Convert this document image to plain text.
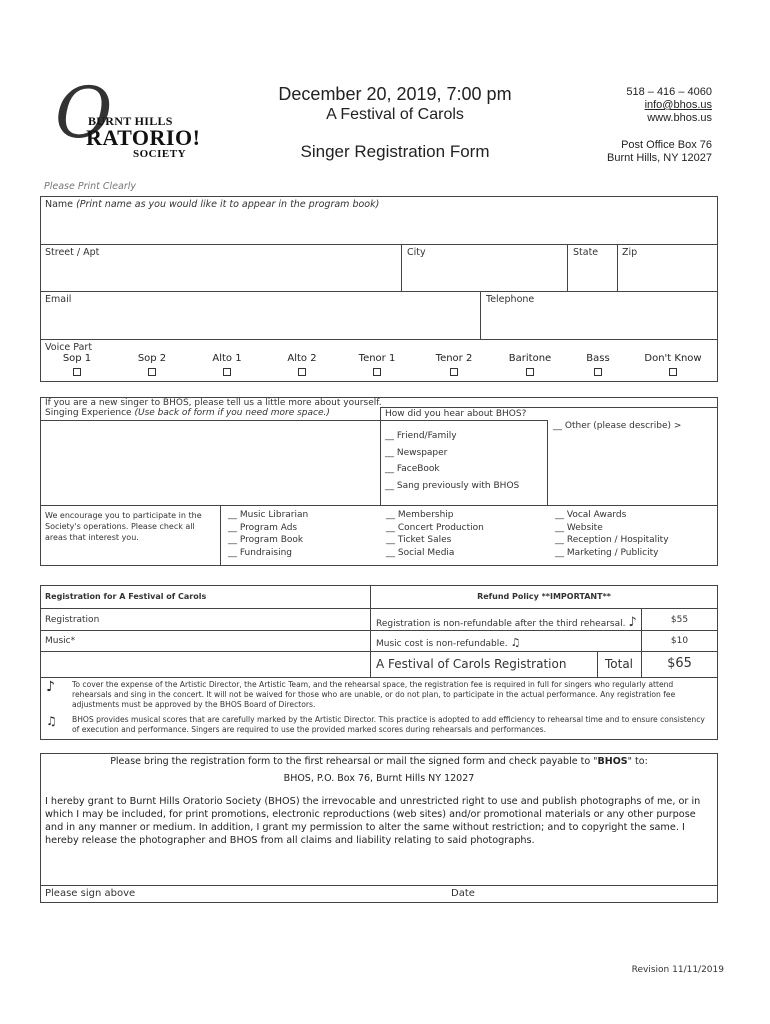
O
BURNT HILLS
RATORIO!
SOCIETY
December 20, 2019, 7:00 pm
A Festival of Carols
Singer Registration Form
518 – 416 – 4060
info@bhos.us
www.bhos.us
Post Office Box 76
Burnt Hills, NY 12027
Please Print Clearly
Name (Print name as you would like it to appear in the program book)
Street / Apt	City	State	Zip
Email	Telephone
Voice Part
Sop 1	Sop 2	Alto 1	Alto 2	Tenor 1	Tenor 2	Baritone	Bass	Don't Know
If you are a new singer to BHOS, please tell us a little more about yourself.
Singing Experience (Use back of form if you need more space.)	How did you hear about BHOS?
__ Other (please describe) >
__ Friend/Family
__ Newspaper
__ FaceBook
__ Sang previously with BHOS
We encourage you to participate in the Society's operations. Please check all areas that interest you.
__ Music Librarian
__ Program Ads
__ Program Book
__ Fundraising
__ Membership
__ Concert Production
__ Ticket Sales
__ Social Media
__ Vocal Awards
__ Website
__ Reception / Hospitality
__ Marketing / Publicity
Registration for A Festival of Carols	Refund Policy **IMPORTANT**
Registration	Registration is non-refundable after the third rehearsal. ♪	$55
Music*	Music cost is non-refundable. ♫	$10
A Festival of Carols Registration	Total	$65
♪ To cover the expense of the Artistic Director, the Artistic Team, and the rehearsal space, the registration fee is required in full for singers who regularly attend rehearsals and sing in the concert. It will not be waived for those who are unable, or do not plan, to participate in the actual performance. Any registration fee adjustments must be approved by the BHOS Board of Directors.
♫ BHOS provides musical scores that are carefully marked by the Artistic Director. This practice is adopted to add efficiency to rehearsal time and to ensure consistency of execution and performance. Singers are required to use the provided marked scores during rehearsals and performances.
Please bring the registration form to the first rehearsal or mail the signed form and check payable to "BHOS" to:
BHOS, P.O. Box 76, Burnt Hills NY 12027
I hereby grant to Burnt Hills Oratorio Society (BHOS) the irrevocable and unrestricted right to use and publish photographs of me, or in which I may be included, for print promotions, electronic reproductions (web sites) and/or promotional materials or any other purpose and in any manner or medium. In addition, I grant my permission to alter the same without restriction; and to copyright the same. I hereby release the photographer and BHOS from all claims and liability relating to said photographs.
Please sign above	Date
Revision 11/11/2019
